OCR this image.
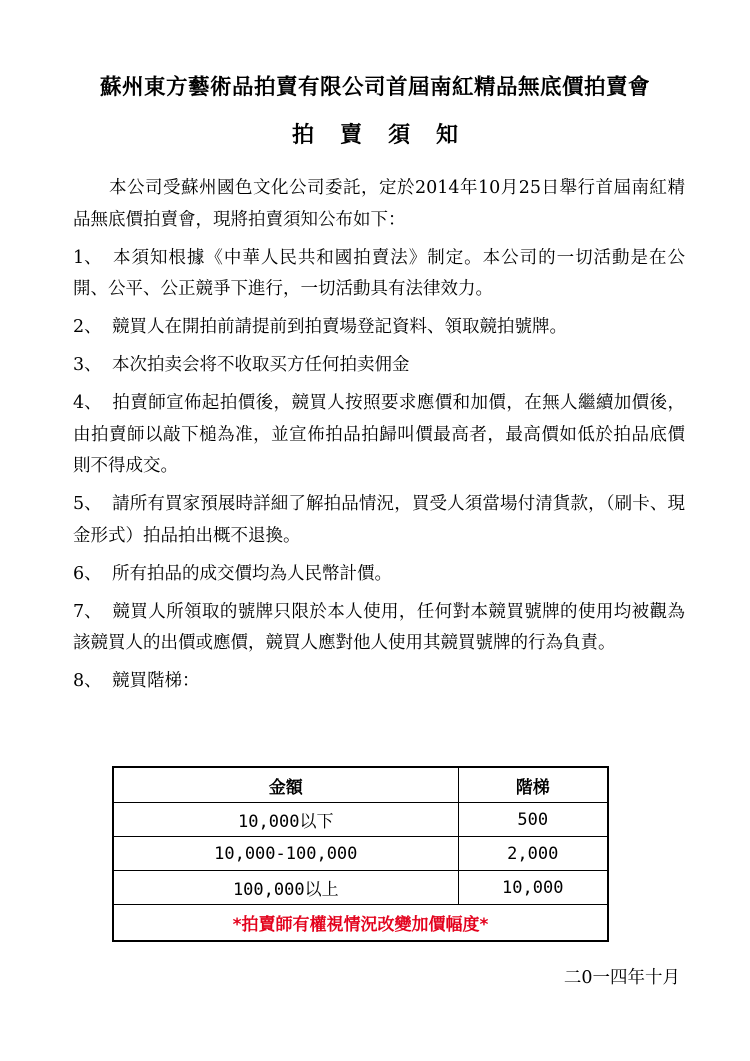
蘇州東方藝術品拍賣有限公司首屆南紅精品無底價拍賣會
拍賣須知

本公司受蘇州國色文化公司委託，定於2014年10月25日舉行首屆南紅精品無底價拍賣會，現將拍賣須知公布如下：

1、 本須知根據《中華人民共和國拍賣法》制定。本公司的一切活動是在公開、公平、公正競爭下進行，一切活動具有法律效力。

2、 競買人在開拍前請提前到拍賣場登記資料、領取競拍號牌。

3、 本次拍卖会将不收取买方任何拍卖佣金

4、 拍賣師宣佈起拍價後，競買人按照要求應價和加價，在無人繼續加價後，由拍賣師以敲下槌為准，並宣佈拍品拍歸叫價最高者，最高價如低於拍品底價則不得成交。

5、 請所有買家預展時詳細了解拍品情況，買受人須當場付清貨款，（刷卡、現金形式）拍品拍出概不退換。

6、 所有拍品的成交價均為人民幣計價。

7、 競買人所領取的號牌只限於本人使用，任何對本競買號牌的使用均被觀為該競買人的出價或應價，競買人應對他人使用其競買號牌的行為負責。

8、 競買階梯：

金額	階梯
10,000以下	500
10,000-100,000	2,000
100,000以上	10,000
*拍賣師有權視情況改變加價幅度*	
二0一四年十月
